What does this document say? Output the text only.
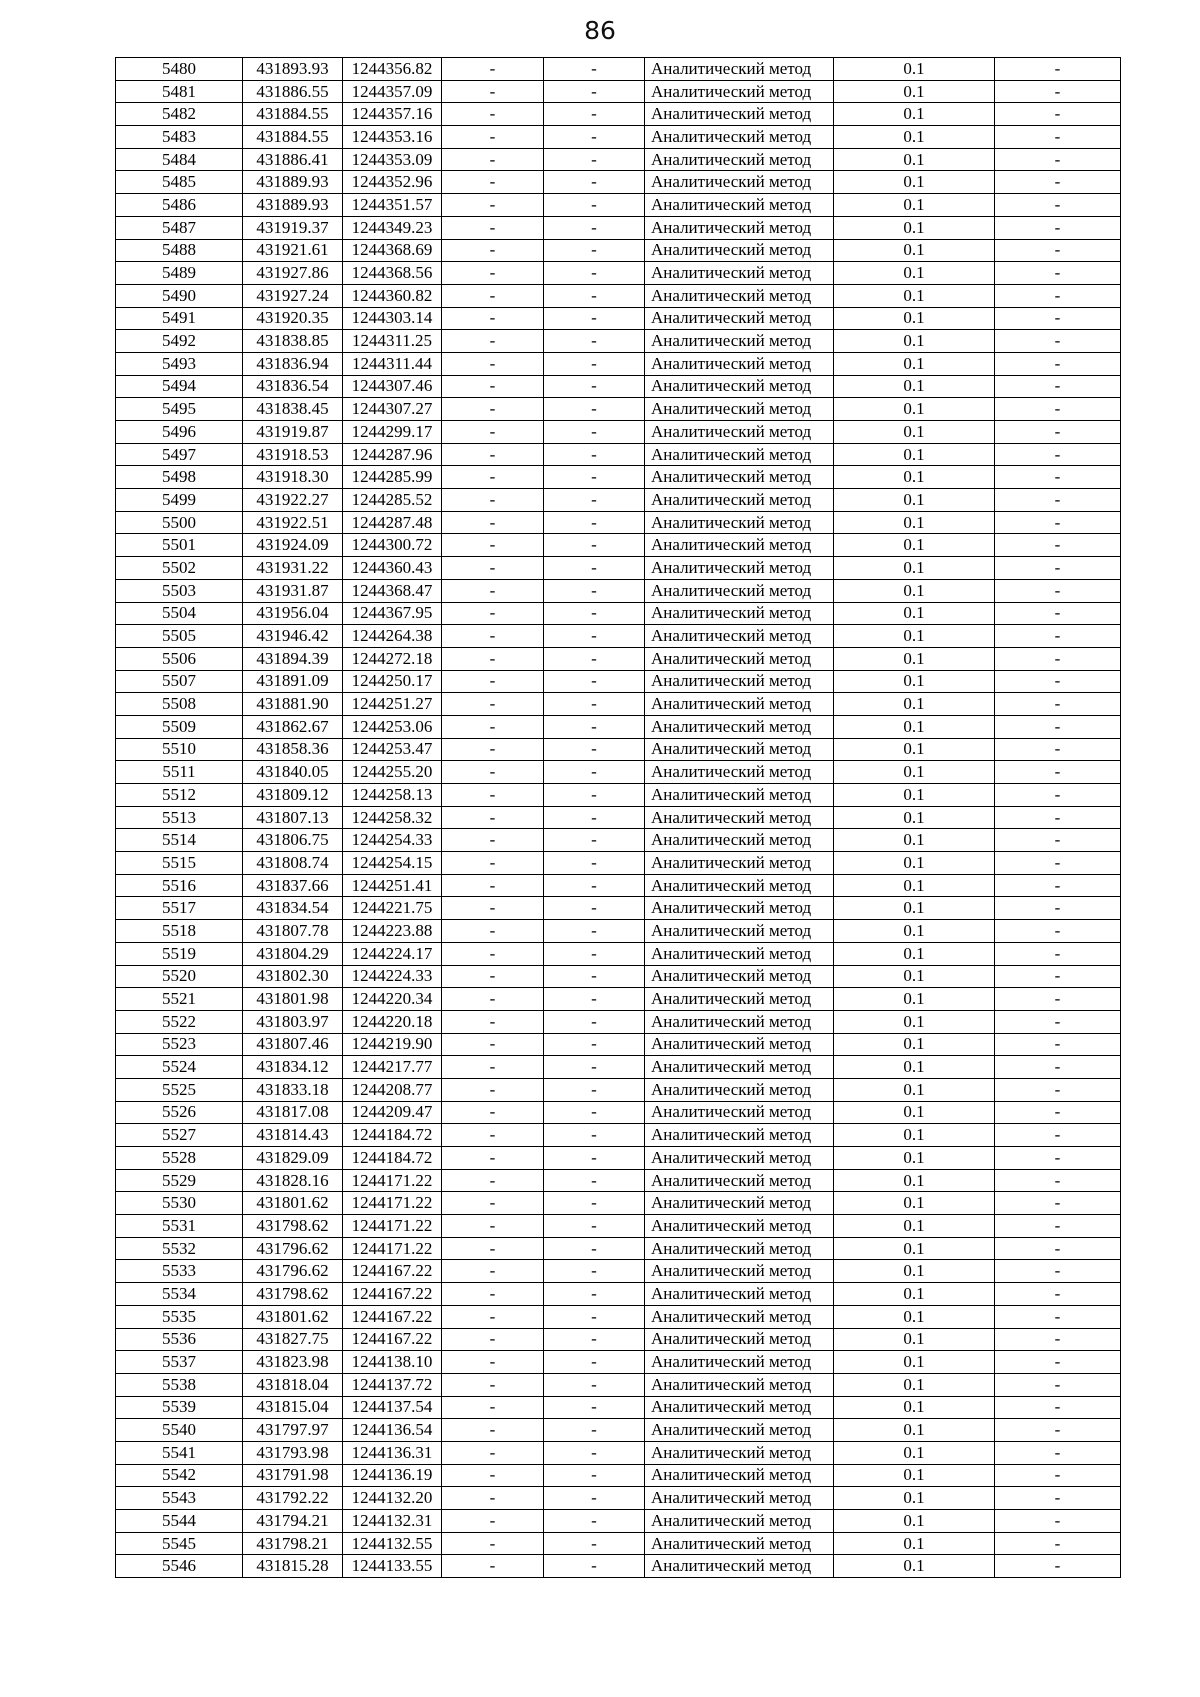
86
5480	431893.93	1244356.82	-	-	Аналитический метод	0.1	-
5481	431886.55	1244357.09	-	-	Аналитический метод	0.1	-
5482	431884.55	1244357.16	-	-	Аналитический метод	0.1	-
5483	431884.55	1244353.16	-	-	Аналитический метод	0.1	-
5484	431886.41	1244353.09	-	-	Аналитический метод	0.1	-
5485	431889.93	1244352.96	-	-	Аналитический метод	0.1	-
5486	431889.93	1244351.57	-	-	Аналитический метод	0.1	-
5487	431919.37	1244349.23	-	-	Аналитический метод	0.1	-
5488	431921.61	1244368.69	-	-	Аналитический метод	0.1	-
5489	431927.86	1244368.56	-	-	Аналитический метод	0.1	-
5490	431927.24	1244360.82	-	-	Аналитический метод	0.1	-
5491	431920.35	1244303.14	-	-	Аналитический метод	0.1	-
5492	431838.85	1244311.25	-	-	Аналитический метод	0.1	-
5493	431836.94	1244311.44	-	-	Аналитический метод	0.1	-
5494	431836.54	1244307.46	-	-	Аналитический метод	0.1	-
5495	431838.45	1244307.27	-	-	Аналитический метод	0.1	-
5496	431919.87	1244299.17	-	-	Аналитический метод	0.1	-
5497	431918.53	1244287.96	-	-	Аналитический метод	0.1	-
5498	431918.30	1244285.99	-	-	Аналитический метод	0.1	-
5499	431922.27	1244285.52	-	-	Аналитический метод	0.1	-
5500	431922.51	1244287.48	-	-	Аналитический метод	0.1	-
5501	431924.09	1244300.72	-	-	Аналитический метод	0.1	-
5502	431931.22	1244360.43	-	-	Аналитический метод	0.1	-
5503	431931.87	1244368.47	-	-	Аналитический метод	0.1	-
5504	431956.04	1244367.95	-	-	Аналитический метод	0.1	-
5505	431946.42	1244264.38	-	-	Аналитический метод	0.1	-
5506	431894.39	1244272.18	-	-	Аналитический метод	0.1	-
5507	431891.09	1244250.17	-	-	Аналитический метод	0.1	-
5508	431881.90	1244251.27	-	-	Аналитический метод	0.1	-
5509	431862.67	1244253.06	-	-	Аналитический метод	0.1	-
5510	431858.36	1244253.47	-	-	Аналитический метод	0.1	-
5511	431840.05	1244255.20	-	-	Аналитический метод	0.1	-
5512	431809.12	1244258.13	-	-	Аналитический метод	0.1	-
5513	431807.13	1244258.32	-	-	Аналитический метод	0.1	-
5514	431806.75	1244254.33	-	-	Аналитический метод	0.1	-
5515	431808.74	1244254.15	-	-	Аналитический метод	0.1	-
5516	431837.66	1244251.41	-	-	Аналитический метод	0.1	-
5517	431834.54	1244221.75	-	-	Аналитический метод	0.1	-
5518	431807.78	1244223.88	-	-	Аналитический метод	0.1	-
5519	431804.29	1244224.17	-	-	Аналитический метод	0.1	-
5520	431802.30	1244224.33	-	-	Аналитический метод	0.1	-
5521	431801.98	1244220.34	-	-	Аналитический метод	0.1	-
5522	431803.97	1244220.18	-	-	Аналитический метод	0.1	-
5523	431807.46	1244219.90	-	-	Аналитический метод	0.1	-
5524	431834.12	1244217.77	-	-	Аналитический метод	0.1	-
5525	431833.18	1244208.77	-	-	Аналитический метод	0.1	-
5526	431817.08	1244209.47	-	-	Аналитический метод	0.1	-
5527	431814.43	1244184.72	-	-	Аналитический метод	0.1	-
5528	431829.09	1244184.72	-	-	Аналитический метод	0.1	-
5529	431828.16	1244171.22	-	-	Аналитический метод	0.1	-
5530	431801.62	1244171.22	-	-	Аналитический метод	0.1	-
5531	431798.62	1244171.22	-	-	Аналитический метод	0.1	-
5532	431796.62	1244171.22	-	-	Аналитический метод	0.1	-
5533	431796.62	1244167.22	-	-	Аналитический метод	0.1	-
5534	431798.62	1244167.22	-	-	Аналитический метод	0.1	-
5535	431801.62	1244167.22	-	-	Аналитический метод	0.1	-
5536	431827.75	1244167.22	-	-	Аналитический метод	0.1	-
5537	431823.98	1244138.10	-	-	Аналитический метод	0.1	-
5538	431818.04	1244137.72	-	-	Аналитический метод	0.1	-
5539	431815.04	1244137.54	-	-	Аналитический метод	0.1	-
5540	431797.97	1244136.54	-	-	Аналитический метод	0.1	-
5541	431793.98	1244136.31	-	-	Аналитический метод	0.1	-
5542	431791.98	1244136.19	-	-	Аналитический метод	0.1	-
5543	431792.22	1244132.20	-	-	Аналитический метод	0.1	-
5544	431794.21	1244132.31	-	-	Аналитический метод	0.1	-
5545	431798.21	1244132.55	-	-	Аналитический метод	0.1	-
5546	431815.28	1244133.55	-	-	Аналитический метод	0.1	-
